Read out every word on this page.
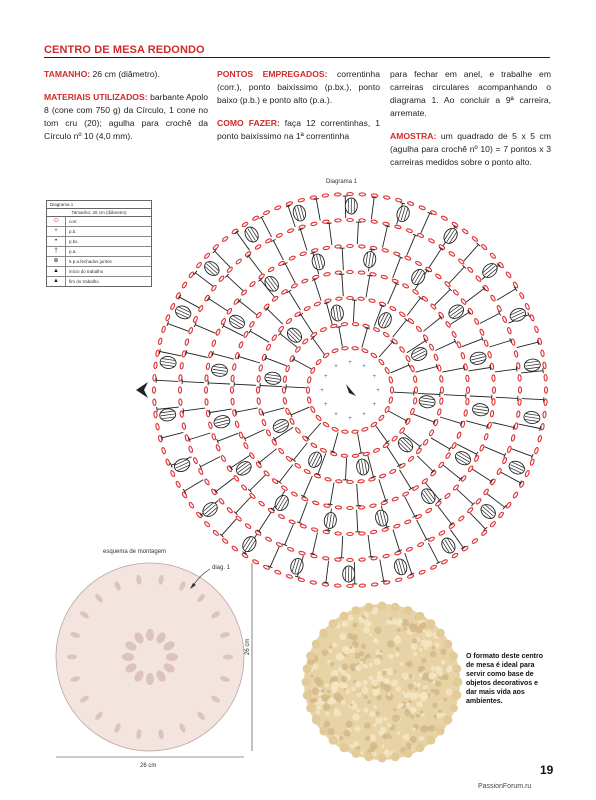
CENTRO DE MESA REDONDO

TAMANHO: 26 cm (diâmetro).

MATERIAIS UTILIZADOS: barbante Apolo 8 (cone com 750 g) da Círculo, 1 cone no tom cru (20); agulha para crochê da Círculo nº 10 (4,0 mm).

PONTOS EMPREGADOS: correntinha (corr.), ponto baixíssimo (p.bx.), ponto baixo (p.b.) e ponto alto (p.a.).

COMO FAZER: faça 12 correntinhas, 1 ponto baixíssimo na 1ª correntinha

para fechar em anel, e trabalhe em carreiras circulares acompanhando o diagrama 1. Ao concluir a 9ª carreira, arremate.

AMOSTRA: um quadrado de 5 x 5 cm (agulha para crochê nº 10) = 7 pontos x 3 carreiras medidos sobre o ponto alto.

Diagrama 1
Tamanho: 26 cm (diâmetro)
⬭	corr.
+	p.b.
•	p.bx.
†	p.a.
⊕	5 p.a.fechados juntos
▲	início do trabalho
▲	fim do trabalho
+
+
+
+
+
+
+
+
+
+
+
+
Diagrama 1
esquema de montagem
diag. 1
26 cm
26 cm
O formato deste centro de mesa é ideal para servir como base de objetos decorativos e dar mais vida aos ambientes.
19
PassionForum.ru
